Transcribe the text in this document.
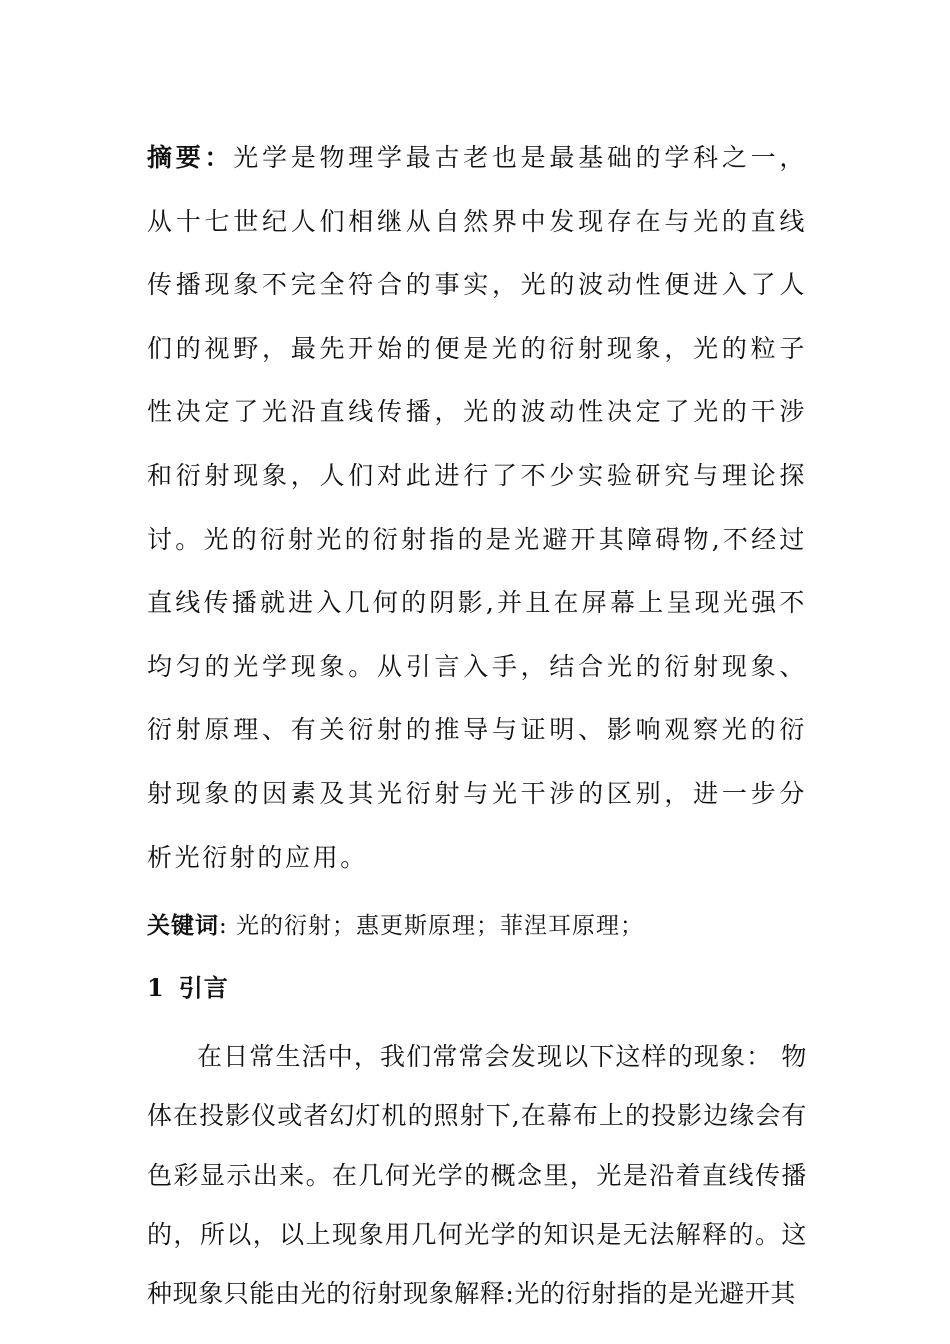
摘要：光学是物理学最古老也是最基础的学科之一，从十七世纪人们相继从自然界中发现存在与光的直线传播现象不完全符合的事实，光的波动性便进入了人们的视野，最先开始的便是光的衍射现象，光的粒子性决定了光沿直线传播，光的波动性决定了光的干涉和衍射现象，人们对此进行了不少实验研究与理论探讨。光的衍射光的衍射指的是光避开其障碍物,不经过直线传播就进入几何的阴影,并且在屏幕上呈现光强不均匀的光学现象。从引言入手，结合光的衍射现象、衍射原理、有关衍射的推导与证明、影响观察光的衍射现象的因素及其光衍射与光干涉的区别，进一步分析光衍射的应用。

关键词: 光的衍射；惠更斯原理；菲涅耳原理；
1 引言

在日常生活中，我们常常会发现以下这样的现象： 物体在投影仪或者幻灯机的照射下,在幕布上的投影边缘会有色彩显示出来。在几何光学的概念里，光是沿着直线传播的，所以，以上现象用几何光学的知识是无法解释的。这种现象只能由光的衍射现象解释:光的衍射指的是光避开其
